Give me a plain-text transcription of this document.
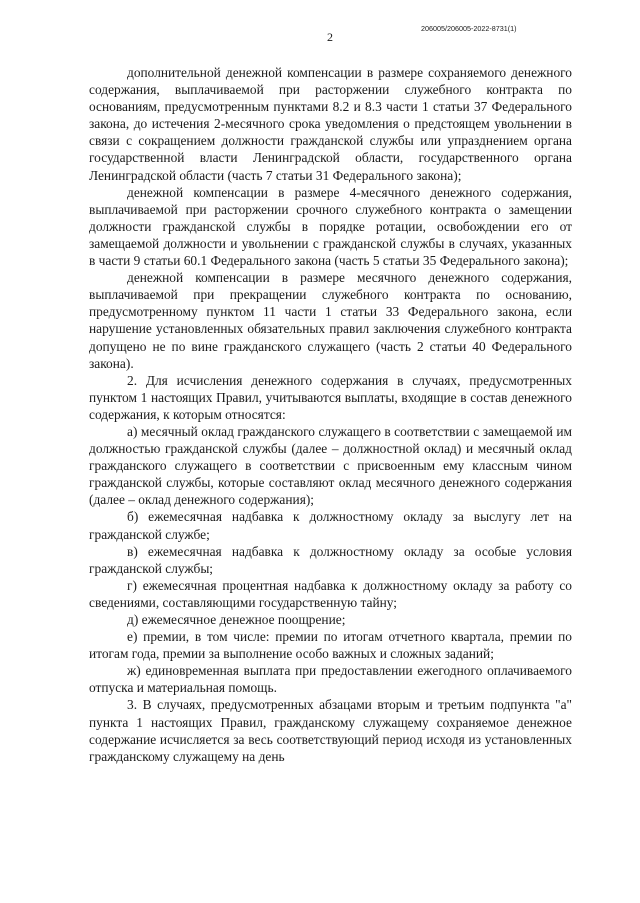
2
206005/206005-2022-8731(1)

дополнительной денежной компенсации в размере сохраняемого денежного содержания, выплачиваемой при расторжении служебного контракта по основаниям, предусмотренным пунктами 8.2 и 8.3 части 1 статьи 37 Федерального закона, до истечения 2-месячного срока уведомления о предстоящем увольнении в связи с сокращением должности гражданской службы или упразднением органа государственной власти Ленинградской области, государственного органа Ленинградской области (часть 7 статьи 31 Федерального закона);

денежной компенсации в размере 4-месячного денежного содержания, выплачиваемой при расторжении срочного служебного контракта о замещении должности гражданской службы в порядке ротации, освобождении его от замещаемой должности и увольнении с гражданской службы в случаях, указанных в части 9 статьи 60.1 Федерального закона (часть 5 статьи 35 Федерального закона);

денежной компенсации в размере месячного денежного содержания, выплачиваемой при прекращении служебного контракта по основанию, предусмотренному пунктом 11 части 1 статьи 33 Федерального закона, если нарушение установленных обязательных правил заключения служебного контракта допущено не по вине гражданского служащего (часть 2 статьи 40 Федерального закона).

2. Для исчисления денежного содержания в случаях, предусмотренных пунктом 1 настоящих Правил, учитываются выплаты, входящие в состав денежного содержания, к которым относятся:

а) месячный оклад гражданского служащего в соответствии с замещаемой им должностью гражданской службы (далее – должностной оклад) и месячный оклад гражданского служащего в соответствии с присвоенным ему классным чином гражданской службы, которые составляют оклад месячного денежного содержания (далее – оклад денежного содержания);

б) ежемесячная надбавка к должностному окладу за выслугу лет на гражданской службе;

в) ежемесячная надбавка к должностному окладу за особые условия гражданской службы;

г) ежемесячная процентная надбавка к должностному окладу за работу со сведениями, составляющими государственную тайну;

д) ежемесячное денежное поощрение;

е) премии, в том числе: премии по итогам отчетного квартала, премии по итогам года, премии за выполнение особо важных и сложных заданий;

ж) единовременная выплата при предоставлении ежегодного оплачиваемого отпуска и материальная помощь.

3. В случаях, предусмотренных абзацами вторым и третьим подпункта "а" пункта 1 настоящих Правил, гражданскому служащему сохраняемое денежное содержание исчисляется за весь соответствующий период исходя из установленных гражданскому служащему на день
